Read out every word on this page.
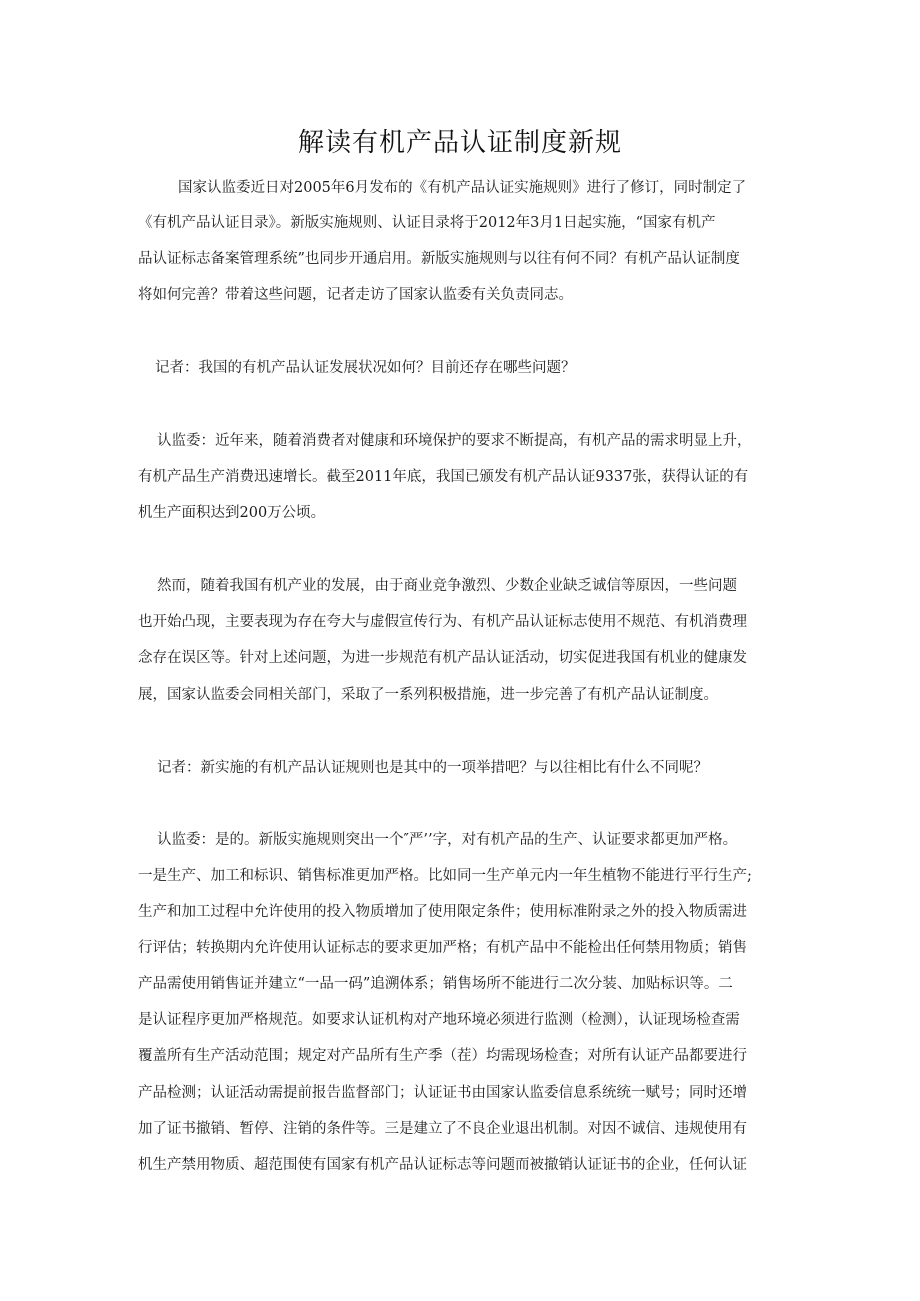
解读有机产品认证制度新规
国家认监委近日对2005年6月发布的《有机产品认证实施规则》进行了修订，同时制定了
《有机产品认证目录》。新版实施规则、认证目录将于2012年3月1日起实施，“国家有机产
品认证标志备案管理系统”也同步开通启用。新版实施规则与以往有何不同？有机产品认证制度
将如何完善？带着这些问题，记者走访了国家认监委有关负责同志。
记者：我国的有机产品认证发展状况如何？目前还存在哪些问题？
认监委：近年来，随着消费者对健康和环境保护的要求不断提高，有机产品的需求明显上升，
有机产品生产消费迅速增长。截至2011年底，我国已颁发有机产品认证9337张，获得认证的有
机生产面积达到200万公顷。
然而，随着我国有机产业的发展，由于商业竞争激烈、少数企业缺乏诚信等原因，一些问题
也开始凸现，主要表现为存在夸大与虚假宣传行为、有机产品认证标志使用不规范、有机消费理
念存在误区等。针对上述问题，为进一步规范有机产品认证活动，切实促进我国有机业的健康发
展，国家认监委会同相关部门，采取了一系列积极措施，进一步完善了有机产品认证制度。
记者：新实施的有机产品认证规则也是其中的一项举措吧？与以往相比有什么不同呢？
认监委：是的。新版实施规则突出一个″严’’字，对有机产品的生产、认证要求都更加严格。
一是生产、加工和标识、销售标准更加严格。比如同一生产单元内一年生植物不能进行平行生产;
生产和加工过程中允许使用的投入物质增加了使用限定条件；使用标准附录之外的投入物质需进
行评估；转换期内允许使用认证标志的要求更加严格；有机产品中不能检出任何禁用物质；销售
产品需使用销售证并建立“一品一码”追溯体系；销售场所不能进行二次分装、加贴标识等。二
是认证程序更加严格规范。如要求认证机构对产地环境必须进行监测（检测），认证现场检查需
覆盖所有生产活动范围；规定对产品所有生产季（茬）均需现场检查；对所有认证产品都要进行
产品检测；认证活动需提前报告监督部门；认证证书由国家认监委信息系统统一赋号；同时还增
加了证书撤销、暂停、注销的条件等。三是建立了不良企业退出机制。对因不诚信、违规使用有
机生产禁用物质、超范围使有国家有机产品认证标志等问题而被撤销认证证书的企业，任何认证
